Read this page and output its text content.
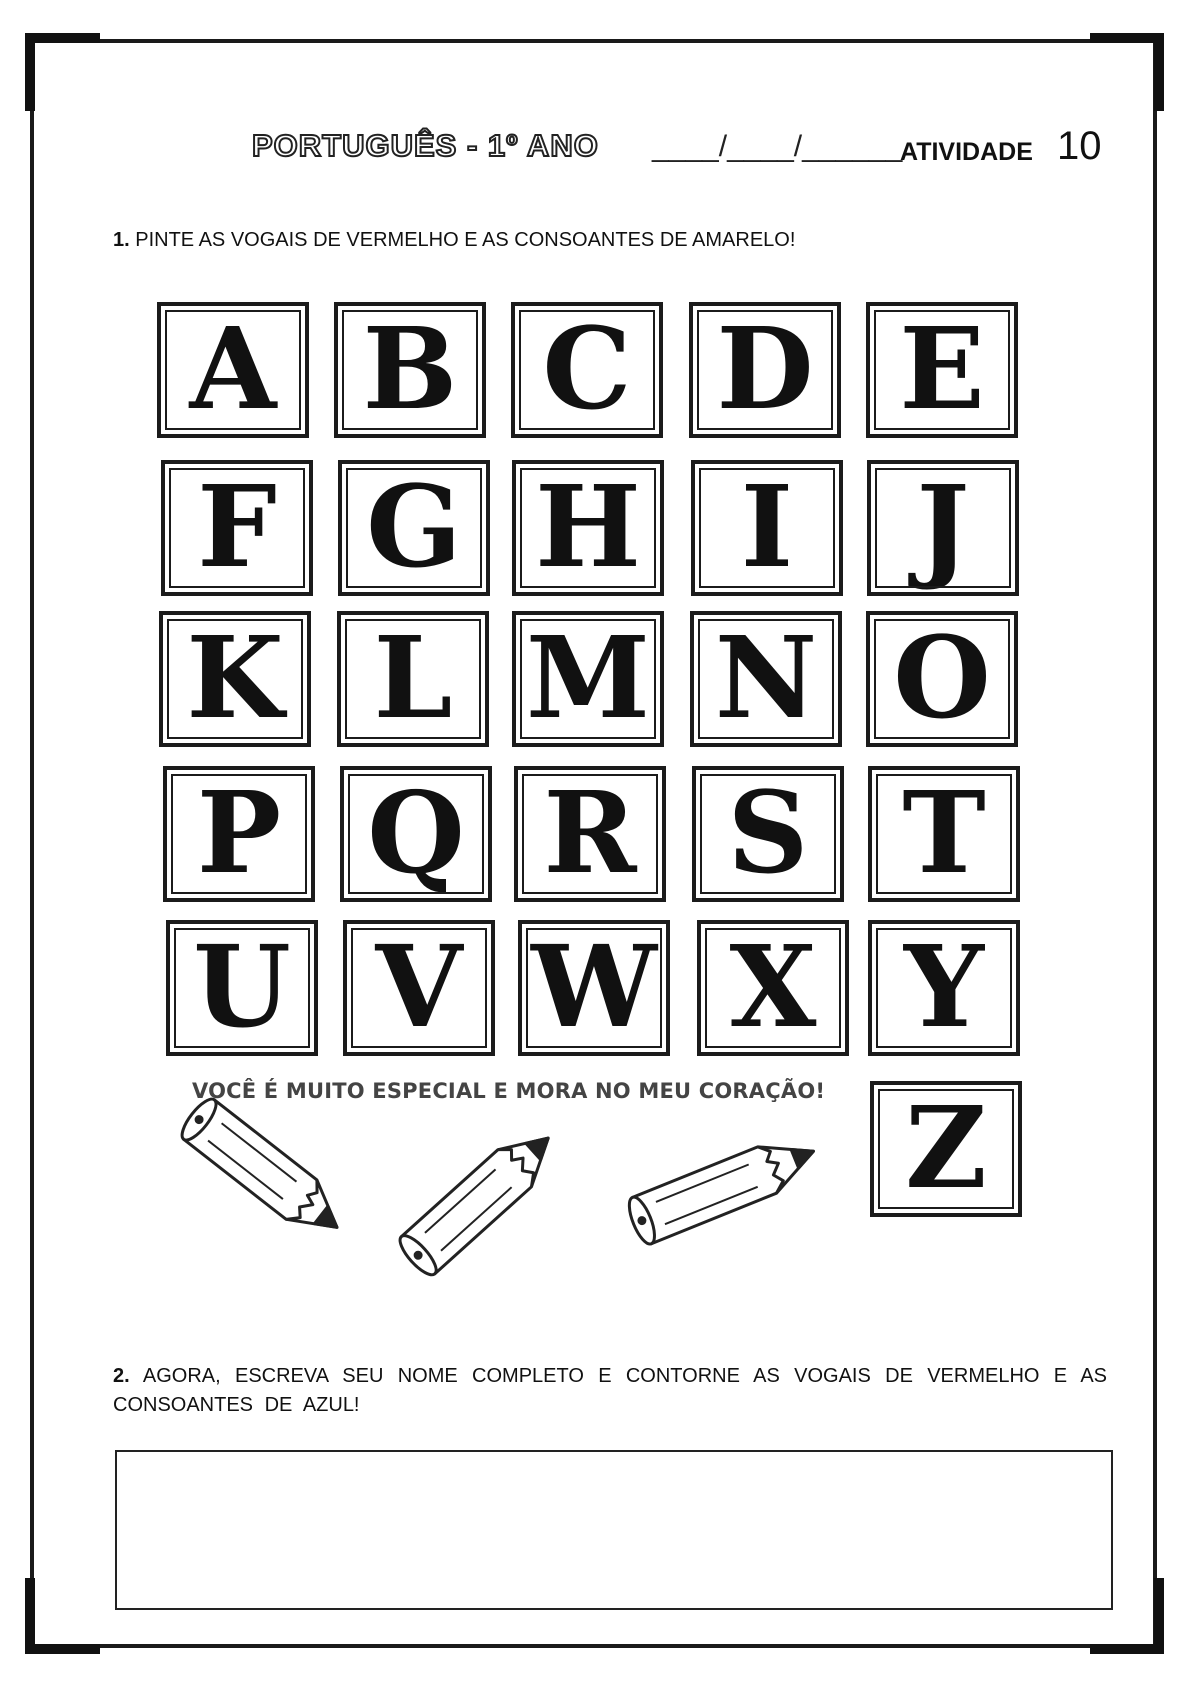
PORTUGUÊS - 1º ANO ____/____/______
ATIVIDADE 10
1. PINTE AS VOGAIS DE VERMELHO E AS CONSOANTES DE AMARELO!
A B C D E
F G H I J
K L M N O
P Q R S T
U V W X Y
Z
VOCÊ É MUITO ESPECIAL E MORA NO MEU CORAÇÃO!
2. AGORA, ESCREVA SEU NOME COMPLETO E CONTORNE AS VOGAIS DE VERMELHO E AS CONSOANTES DE AZUL!
